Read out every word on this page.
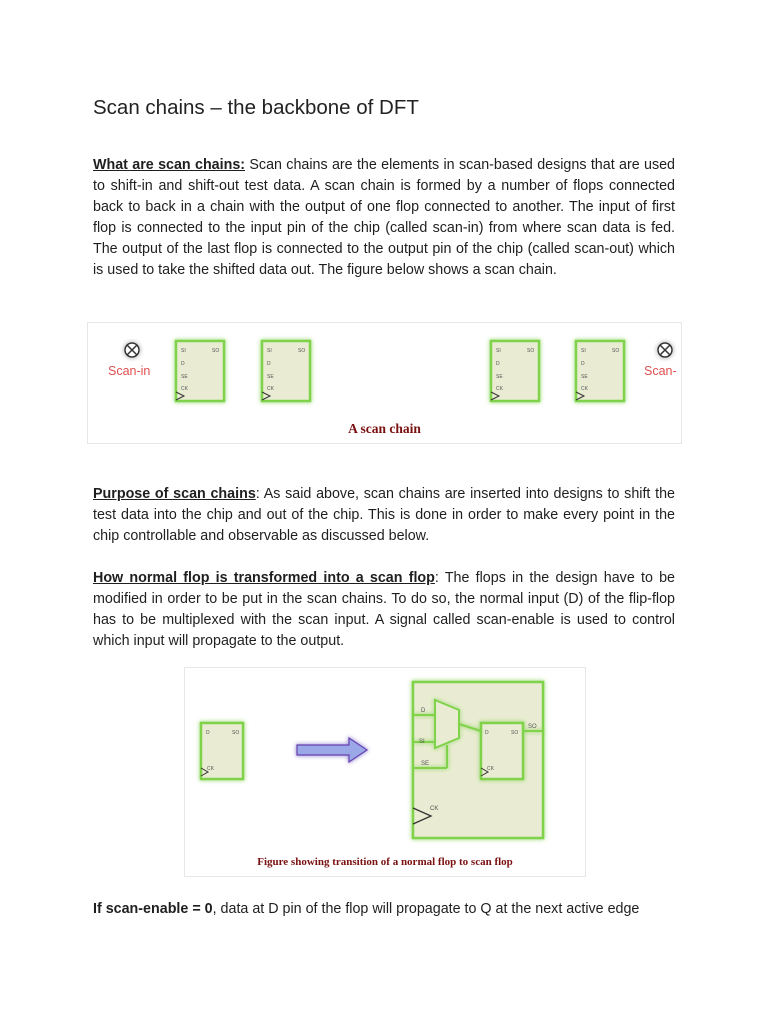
Scan chains – the backbone of DFT

What are scan chains: Scan chains are the elements in scan-based designs that are used to shift-in and shift-out test data. A scan chain is formed by a number of flops connected back to back in a chain with the output of one flop connected to another. The input of first flop is connected to the input pin of the chip (called scan-in) from where scan data is fed. The output of the last flop is connected to the output pin of the chip (called scan-out) which is used to take the shifted data out. The figure below shows a scan chain.

SI	SO
D
SE
CK
SI	SO
D
SE
CK
SI	SO
D
SE
CK
SI	SO
D
SE
CK
Scan-in	Scan-
A scan chain

Purpose of scan chains: As said above, scan chains are inserted into designs to shift the test data into the chip and out of the chip. This is done in order to make every point in the chip controllable and observable as discussed below.

How normal flop is transformed into a scan flop: The flops in the design have to be modified in order to be put in the scan chains. To do so, the normal input (D) of the flip-flop has to be multiplexed with the scan input. A signal called scan-enable is used to control which input will propagate to the output.

D	SO
CK
D
SI
SE
SO
D	SO
CK
CK
Figure showing transition of a normal flop to scan flop

If scan-enable = 0, data at D pin of the flop will propagate to Q at the next active edge
